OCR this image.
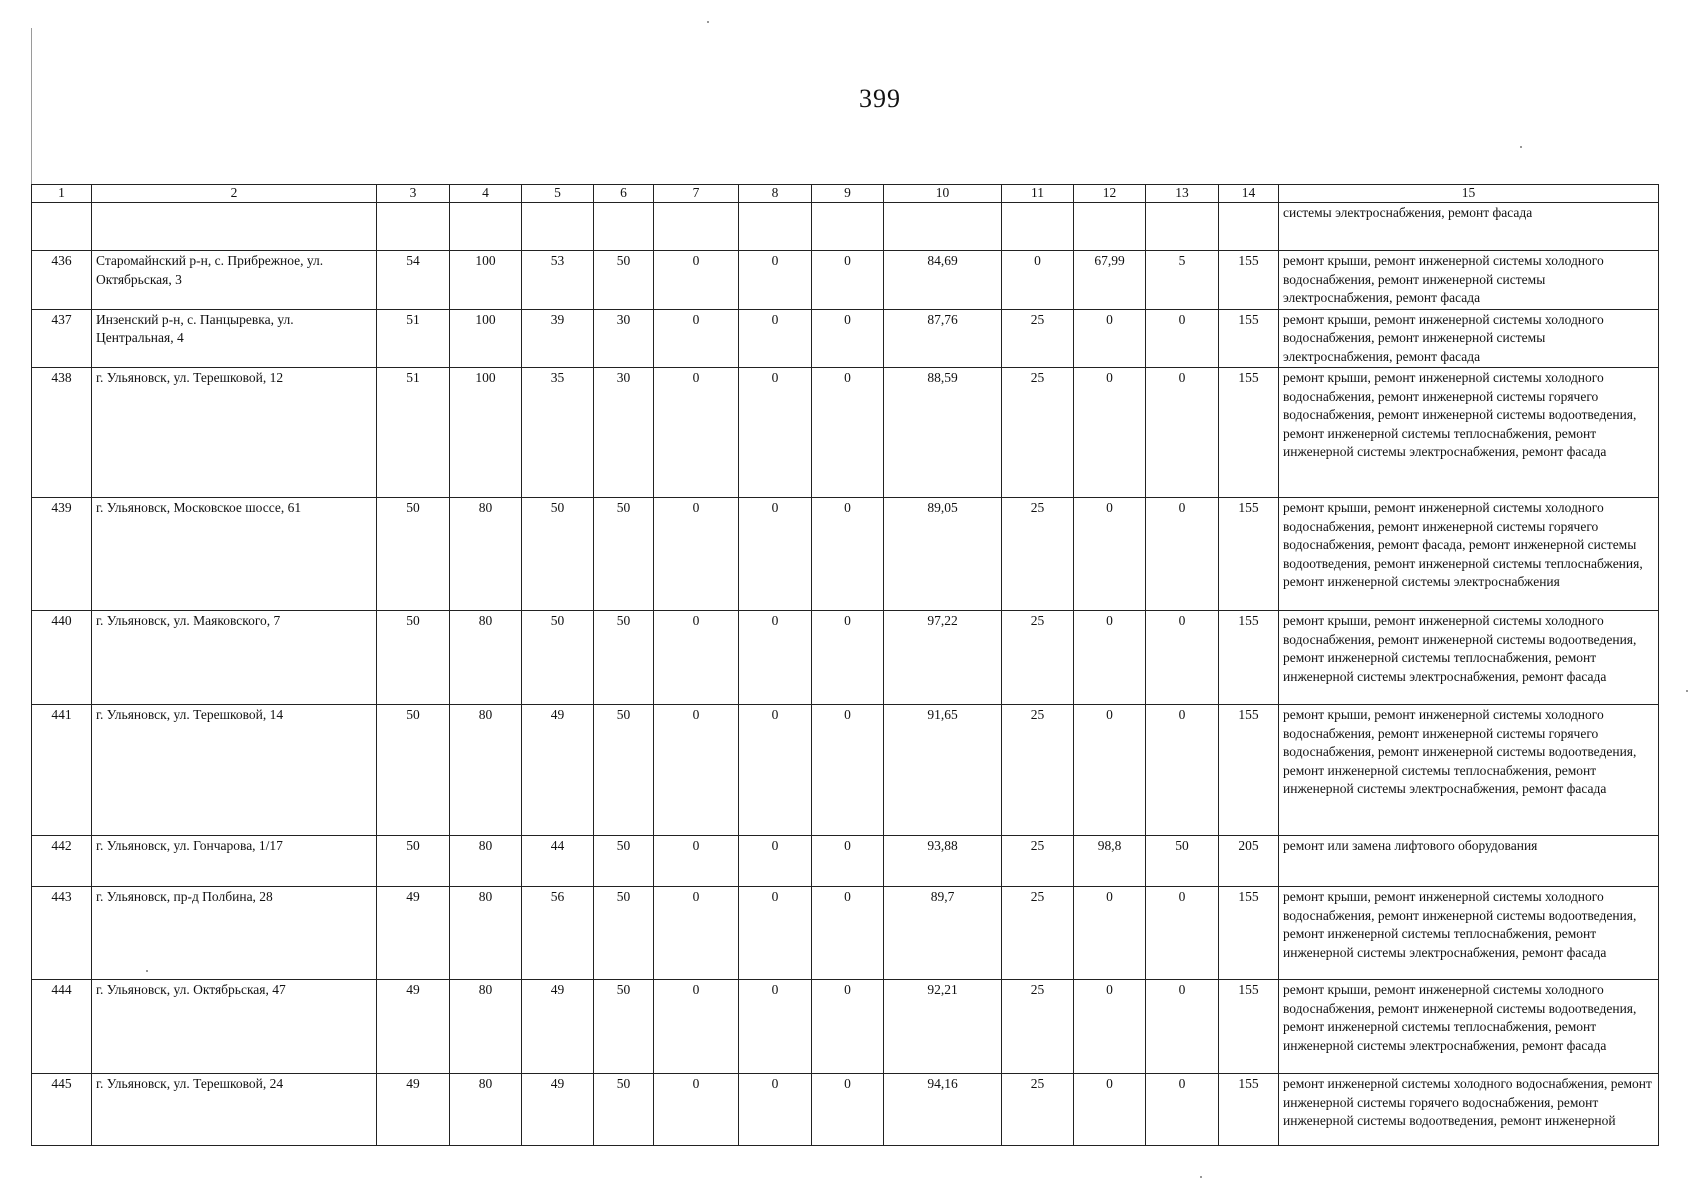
399
1	2	3	4	5	6	7	8	9	10	11	12	13	14	15
														системы электроснабжения, ремонт фасада
436	Старомайнский р-н, с. Прибрежное, ул. Октябрьская, 3	54	100	53	50	0	0	0	84,69	0	67,99	5	155	ремонт крыши, ремонт инженерной системы холодного водоснабжения, ремонт инженерной системы электроснабжения, ремонт фасада
437	Инзенский р-н, с. Панцыревка, ул. Центральная, 4	51	100	39	30	0	0	0	87,76	25	0	0	155	ремонт крыши, ремонт инженерной системы холодного водоснабжения, ремонт инженерной системы электроснабжения, ремонт фасада
438	г. Ульяновск, ул. Терешковой, 12	51	100	35	30	0	0	0	88,59	25	0	0	155	ремонт крыши, ремонт инженерной системы холодного водоснабжения, ремонт инженерной системы горячего водоснабжения, ремонт инженерной системы водоотведения, ремонт инженерной системы теплоснабжения, ремонт инженерной системы электроснабжения, ремонт фасада
439	г. Ульяновск, Московское шоссе, 61	50	80	50	50	0	0	0	89,05	25	0	0	155	ремонт крыши, ремонт инженерной системы холодного водоснабжения, ремонт инженерной системы горячего водоснабжения, ремонт фасада, ремонт инженерной системы водоотведения, ремонт инженерной системы теплоснабжения, ремонт инженерной системы электроснабжения
440	г. Ульяновск, ул. Маяковского, 7	50	80	50	50	0	0	0	97,22	25	0	0	155	ремонт крыши, ремонт инженерной системы холодного водоснабжения, ремонт инженерной системы водоотведения, ремонт инженерной системы теплоснабжения, ремонт инженерной системы электроснабжения, ремонт фасада
441	г. Ульяновск, ул. Терешковой, 14	50	80	49	50	0	0	0	91,65	25	0	0	155	ремонт крыши, ремонт инженерной системы холодного водоснабжения, ремонт инженерной системы горячего водоснабжения, ремонт инженерной системы водоотведения, ремонт инженерной системы теплоснабжения, ремонт инженерной системы электроснабжения, ремонт фасада
442	г. Ульяновск, ул. Гончарова, 1/17	50	80	44	50	0	0	0	93,88	25	98,8	50	205	ремонт или замена лифтового оборудования
443	г. Ульяновск, пр-д Полбина, 28	49	80	56	50	0	0	0	89,7	25	0	0	155	ремонт крыши, ремонт инженерной системы холодного водоснабжения, ремонт инженерной системы водоотведения, ремонт инженерной системы теплоснабжения, ремонт инженерной системы электроснабжения, ремонт фасада
444	г. Ульяновск, ул. Октябрьская, 47	49	80	49	50	0	0	0	92,21	25	0	0	155	ремонт крыши, ремонт инженерной системы холодного водоснабжения, ремонт инженерной системы водоотведения, ремонт инженерной системы теплоснабжения, ремонт инженерной системы электроснабжения, ремонт фасада
445	г. Ульяновск, ул. Терешковой, 24	49	80	49	50	0	0	0	94,16	25	0	0	155	ремонт инженерной системы холодного водоснабжения, ремонт инженерной системы горячего водоснабжения, ремонт инженерной системы водоотведения, ремонт инженерной
